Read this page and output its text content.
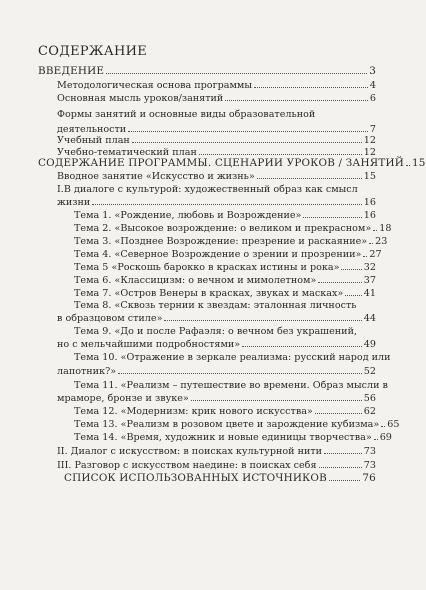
СОДЕРЖАНИЕ
ВВЕДЕНИЕ	3
Методологическая основа программы	4
Основная мысль уроков/занятий	6
Формы занятий и основные виды образовательной
деятельности	7
Учебный план	12
Учебно-тематический план	12
СОДЕРЖАНИЕ ПРОГРАММЫ. СЦЕНАРИИ УРОКОВ / ЗАНЯТИЙ 15
Вводное занятие «Искусство и жизнь»	15
I.В диалоге с культурой: художественный образ как смысл
жизни	16
Тема 1. «Рождение, любовь и Возрождение»	16
Тема 2. «Высокое возрождение: о великом и прекрасном» 18
Тема 3. «Позднее Возрождение: презрение и раскаяние» 23
Тема 4. «Северное Возрождение о зрении и прозрении» 27
Тема 5 «Роскошь барокко в красках истины и рока»	32
Тема 6. «Классицизм: о вечном и мимолетном»	37
Тема 7. «Остров Венеры в красках, звуках и масках» 41
Тема 8. «Сквозь тернии к звездам: эталонная личность
в образцовом стиле»	44
Тема 9. «До и после Рафаэля: о вечном без украшений,
но с мельчайшими подробностями»	49
Тема 10. «Отражение в зеркале реализма: русский народ или
лапотник?»	52
Тема 11. «Реализм – путешествие во времени. Образ мысли в
мраморе, бронзе и звуке»	56
Тема 12. «Модернизм: крик нового искусства»	62
Тема 13. «Реализм в розовом цвете и зарождение кубизма» 65
Тема 14. «Время, художник и новые единицы творчества» 69
II. Диалог с искусством: в поисках культурной нити	73
III. Разговор с искусством наедине: в поисках себя	73
СПИСОК ИСПОЛЬЗОВАННЫХ ИСТОЧНИКОВ	76
